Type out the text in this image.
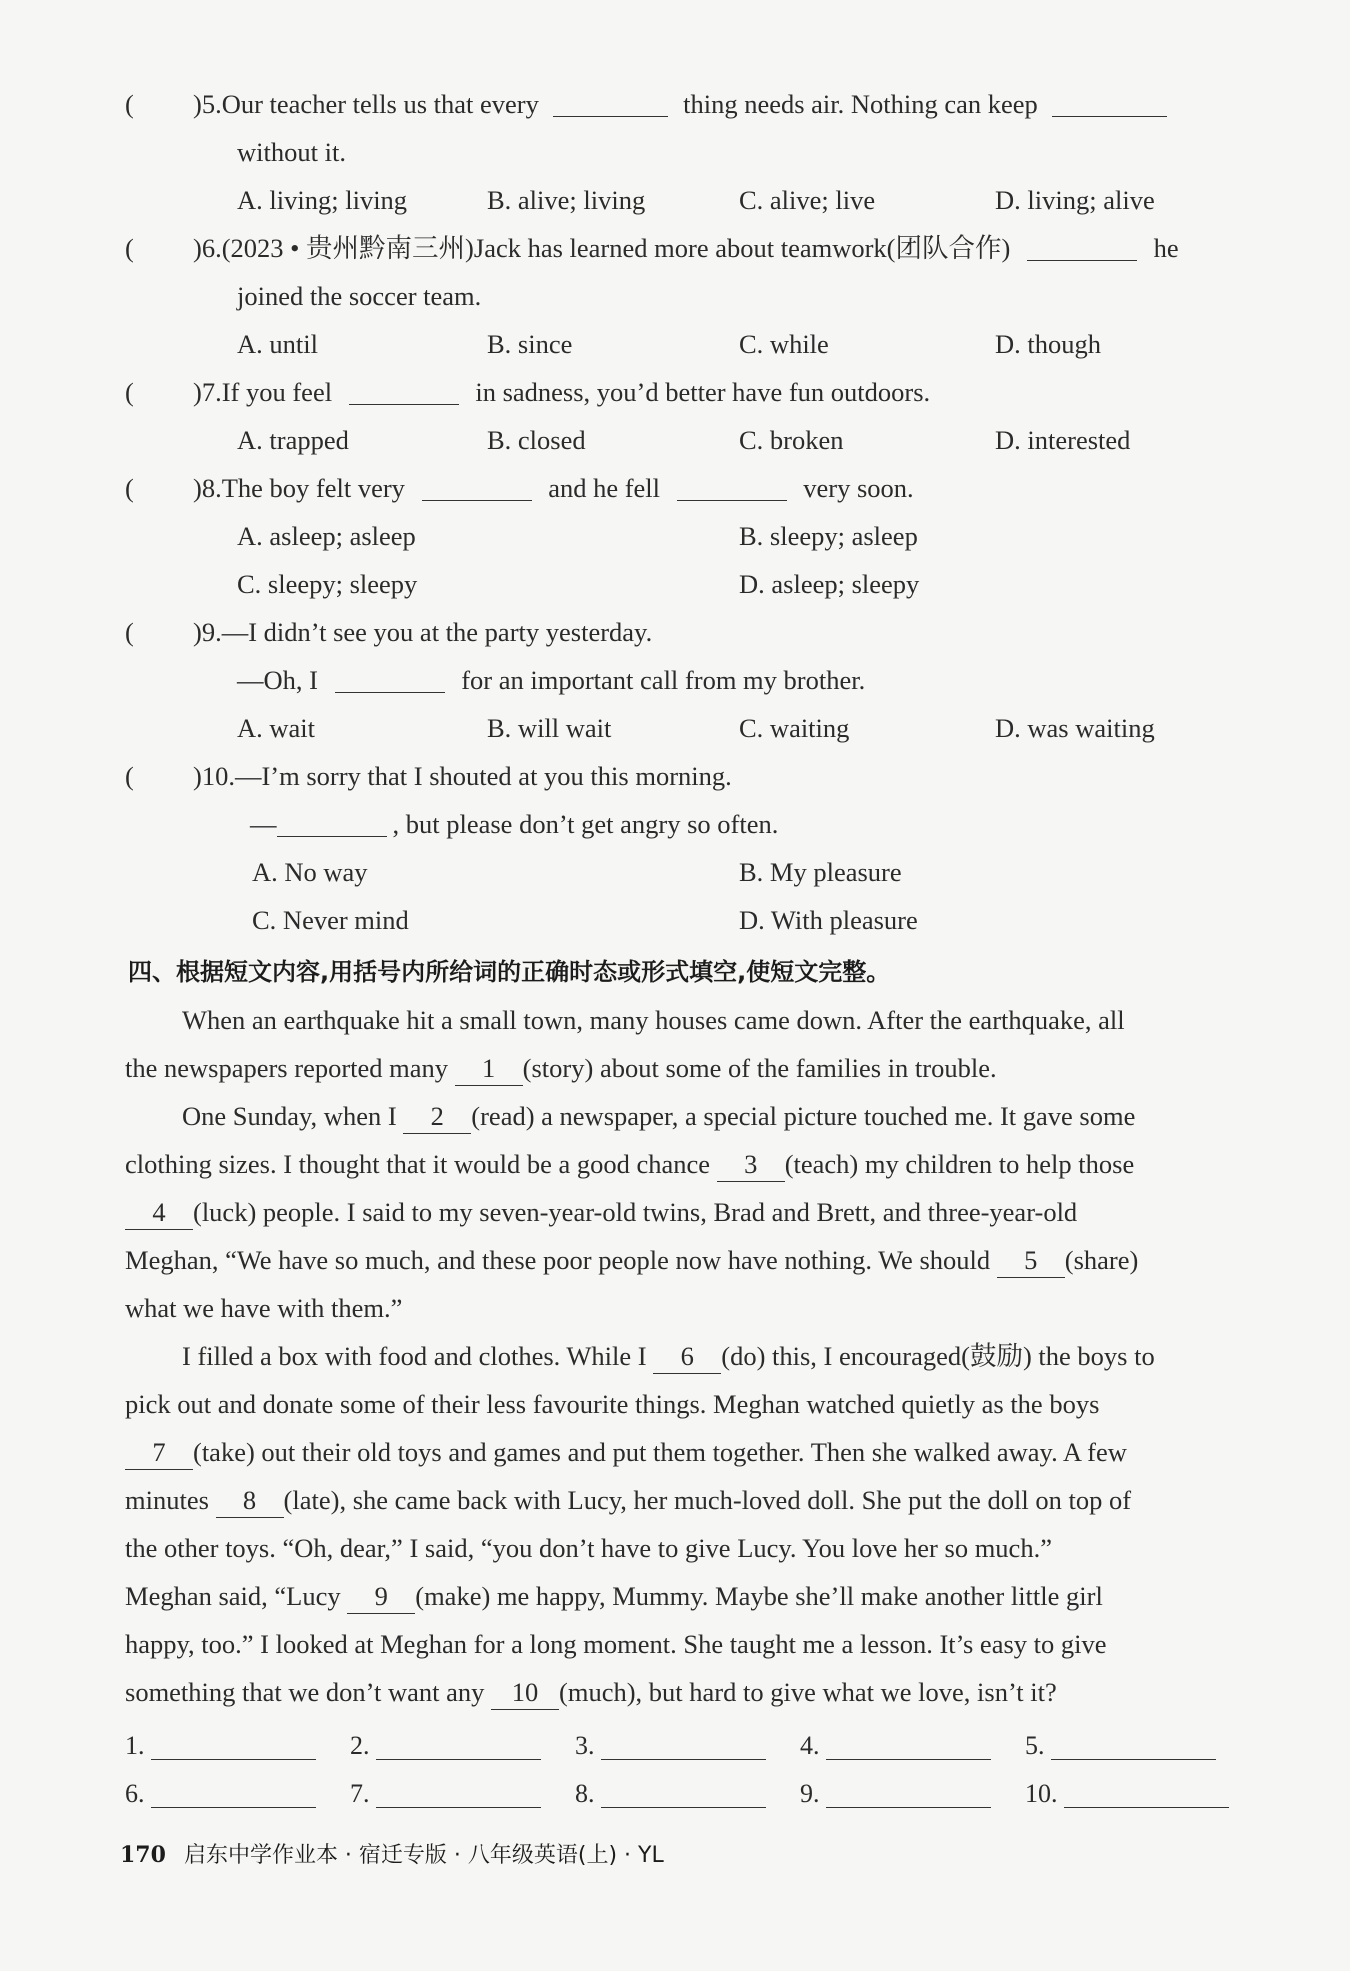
( )5.Our teacher tells us that every	thing needs air. Nothing can keep
without it.
A. living; living	B. alive; living	C. alive; live	D. living; alive
( )6.(2023 • 贵州黔南三州)Jack has learned more about teamwork(团队合作)	he
joined the soccer team.
A. until	B. since	C. while	D. though
( )7.If you feel	in sadness, you’d better have fun outdoors.
A. trapped	B. closed	C. broken	D. interested
( )8.The boy felt very	and he fell	very soon.
A. asleep; asleep	B. sleepy; asleep
C. sleepy; sleepy	D. asleep; sleepy
( )9.—I didn’t see you at the party yesterday.
—Oh, I	for an important call from my brother.
A. wait	B. will wait	C. waiting	D. was waiting
( )10.—I’m sorry that I shouted at you this morning.
—	, but please don’t get angry so often.
A. No way	B. My pleasure
C. Never mind	D. With pleasure
四、根据短文内容,用括号内所给词的正确时态或形式填空,使短文完整。
When an earthquake hit a small town, many houses came down. After the earthquake, all
the newspapers reported many 1 (story) about some of the families in trouble.
One Sunday, when I 2 (read) a newspaper, a special picture touched me. It gave some
clothing sizes. I thought that it would be a good chance 3 (teach) my children to help those
4 (luck) people. I said to my seven-year-old twins, Brad and Brett, and three-year-old
Meghan, “We have so much, and these poor people now have nothing. We should 5 (share)
what we have with them.”
I filled a box with food and clothes. While I 6 (do) this, I encouraged(鼓励) the boys to
pick out and donate some of their less favourite things. Meghan watched quietly as the boys
7 (take) out their old toys and games and put them together. Then she walked away. A few
minutes 8 (late), she came back with Lucy, her much-loved doll. She put the doll on top of
the other toys. “Oh, dear,” I said, “you don’t have to give Lucy. You love her so much.”
Meghan said, “Lucy 9 (make) me happy, Mummy. Maybe she’ll make another little girl
happy, too.” I looked at Meghan for a long moment. She taught me a lesson. It’s easy to give
something that we don’t want any 10 (much), but hard to give what we love, isn’t it?
1.	2.	3.	4.	5.
6.	7.	8.	9.	10.
170 启东中学作业本 · 宿迁专版 · 八年级英语(上) · YL
